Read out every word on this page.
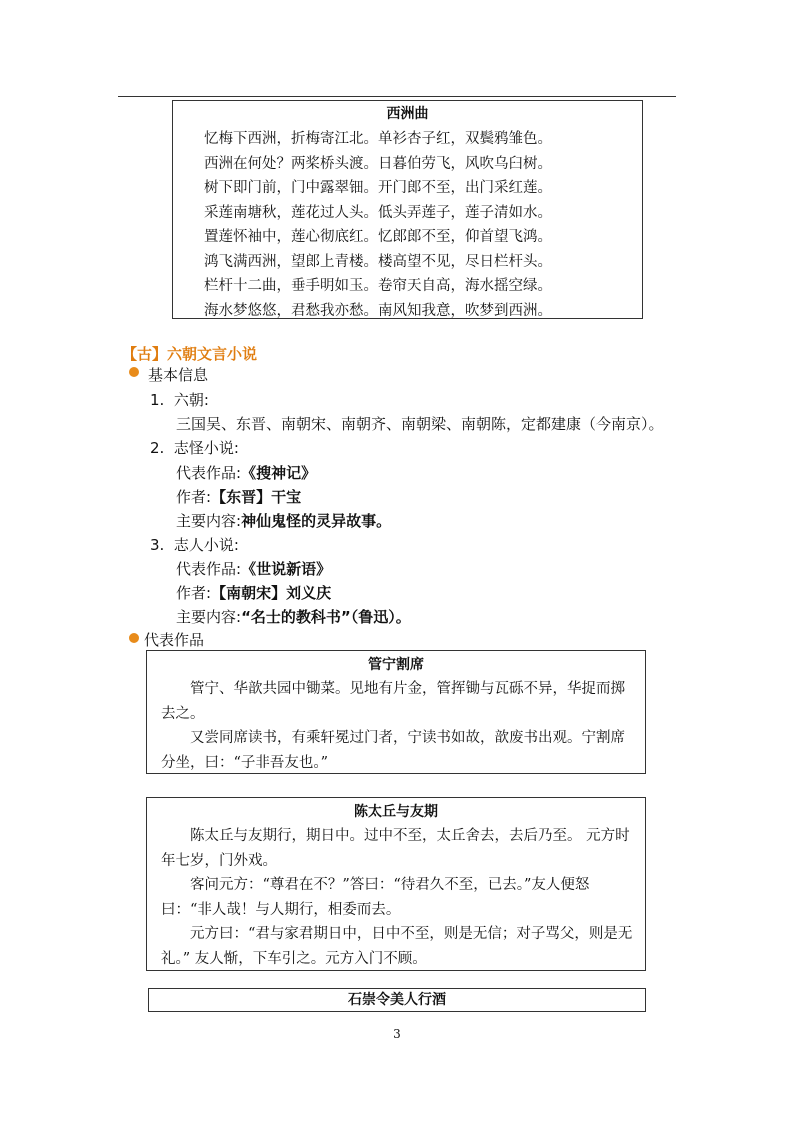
西洲曲
忆梅下西洲，折梅寄江北。单衫杏子红，双鬓鸦雏色。
西洲在何处？两桨桥头渡。日暮伯劳飞，风吹乌臼树。
树下即门前，门中露翠钿。开门郎不至，出门采红莲。
采莲南塘秋，莲花过人头。低头弄莲子，莲子清如水。
置莲怀袖中，莲心彻底红。忆郎郎不至，仰首望飞鸿。
鸿飞满西洲，望郎上青楼。楼高望不见，尽日栏杆头。
栏杆十二曲，垂手明如玉。卷帘天自高，海水摇空绿。
海水梦悠悠，君愁我亦愁。南风知我意，吹梦到西洲。
【古】六朝文言小说
基本信息
1. 六朝:
三国吴、东晋、南朝宋、南朝齐、南朝梁、南朝陈，定都建康（今南京）。
2. 志怪小说:
代表作品:《搜神记》
作者:【东晋】干宝
主要内容:神仙鬼怪的灵异故事。
3. 志人小说:
代表作品:《世说新语》
作者:【南朝宋】刘义庆
主要内容:“名士的教科书”（鲁迅）。
代表作品
管宁割席
管宁、华歆共园中锄菜。见地有片金，管挥锄与瓦砾不异，华捉而掷去之。
又尝同席读书，有乘轩冕过门者，宁读书如故，歆废书出观。宁割席分坐，曰：“子非吾友也。”
陈太丘与友期
陈太丘与友期行，期日中。过中不至，太丘舍去，去后乃至。 元方时年七岁，门外戏。
客问元方：“尊君在不？”答曰：“待君久不至，已去。”友人便怒曰：“非人哉！与人期行，相委而去。
元方曰：“君与家君期日中，日中不至，则是无信；对子骂父，则是无礼。” 友人惭，下车引之。元方入门不顾。
石崇令美人行酒
3
